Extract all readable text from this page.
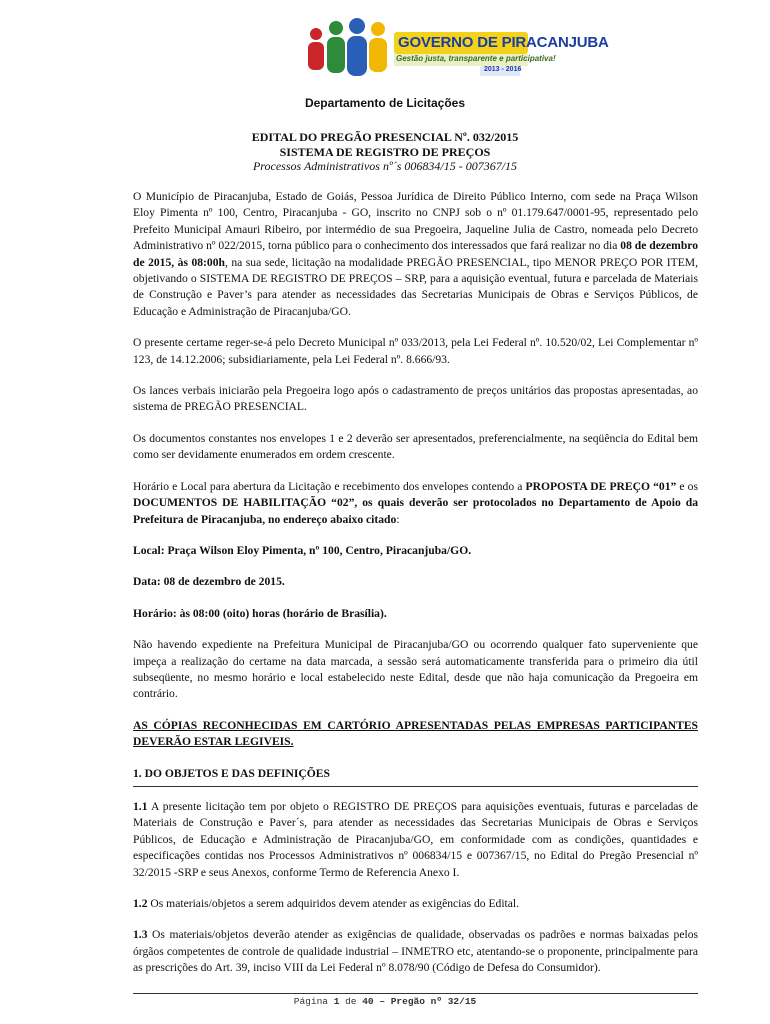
GOVERNO DE PIRACANJUBA
Gestão justa, transparente e participativa!
2013 - 2016
Departamento de Licitações
EDITAL DO PREGÃO PRESENCIAL Nº. 032/2015
SISTEMA DE REGISTRO DE PREÇOS
Processos Administrativos nº´s 006834/15 - 007367/15

O Município de Piracanjuba, Estado de Goiás, Pessoa Jurídica de Direito Público Interno, com sede na Praça Wilson Eloy Pimenta nº 100, Centro, Piracanjuba - GO, inscrito no CNPJ sob o nº 01.179.647/0001-95, representado pelo Prefeito Municipal Amauri Ribeiro, por intermédio de sua Pregoeira, Jaqueline Julia de Castro, nomeada pelo Decreto Administrativo nº 022/2015, torna público para o conhecimento dos interessados que fará realizar no dia 08 de dezembro de 2015, às 08:00h, na sua sede, licitação na modalidade PREGÃO PRESENCIAL, tipo MENOR PREÇO POR ITEM, objetivando o SISTEMA DE REGISTRO DE PREÇOS – SRP, para a aquisição eventual, futura e parcelada de Materiais de Construção e Paver’s para atender as necessidades das Secretarias Municipais de Obras e Serviços Públicos, de Educação e Administração de Piracanjuba/GO.

O presente certame reger-se-á pelo Decreto Municipal nº 033/2013, pela Lei Federal nº. 10.520/02, Lei Complementar nº 123, de 14.12.2006; subsidiariamente, pela Lei Federal nº. 8.666/93.

Os lances verbais iniciarão pela Pregoeira logo após o cadastramento de preços unitários das propostas apresentadas, ao sistema de PREGÃO PRESENCIAL.

Os documentos constantes nos envelopes 1 e 2 deverão ser apresentados, preferencialmente, na seqüência do Edital bem como ser devidamente enumerados em ordem crescente.

Horário e Local para abertura da Licitação e recebimento dos envelopes contendo a PROPOSTA DE PREÇO “01” e os DOCUMENTOS DE HABILITAÇÃO “02”, os quais deverão ser protocolados no Departamento de Apoio da Prefeitura de Piracanjuba, no endereço abaixo citado:

Local: Praça Wilson Eloy Pimenta, nº 100, Centro, Piracanjuba/GO.

Data: 08 de dezembro de 2015.

Horário: às 08:00 (oito) horas (horário de Brasília).

Não havendo expediente na Prefeitura Municipal de Piracanjuba/GO ou ocorrendo qualquer fato superveniente que impeça a realização do certame na data marcada, a sessão será automaticamente transferida para o primeiro dia útil subseqüente, no mesmo horário e local estabelecido neste Edital, desde que não haja comunicação da Pregoeira em contrário.

AS CÓPIAS RECONHECIDAS EM CARTÓRIO APRESENTADAS PELAS EMPRESAS PARTICIPANTES DEVERÃO ESTAR LEGIVEIS.

1. DO OBJETOS E DAS DEFINIÇÕES

1.1 A presente licitação tem por objeto o REGISTRO DE PREÇOS para aquisições eventuais, futuras e parceladas de Materiais de Construção e Paver´s, para atender as necessidades das Secretarias Municipais de Obras e Serviços Públicos, de Educação e Administração de Piracanjuba/GO, em conformidade com as condições, quantidades e especificações contidas nos Processos Administrativos nº 006834/15 e 007367/15, no Edital do Pregão Presencial nº 32/2015 -SRP e seus Anexos, conforme Termo de Referencia Anexo I.

1.2 Os materiais/objetos a serem adquiridos devem atender as exigências do Edital.

1.3 Os materiais/objetos deverão atender as exigências de qualidade, observadas os padrões e normas baixadas pelos órgãos competentes de controle de qualidade industrial – INMETRO etc, atentando-se o proponente, principalmente para as prescrições do Art. 39, inciso VIII da Lei Federal nº 8.078/90 (Código de Defesa do Consumidor).

Página 1 de 40 – Pregão nº 32/15
